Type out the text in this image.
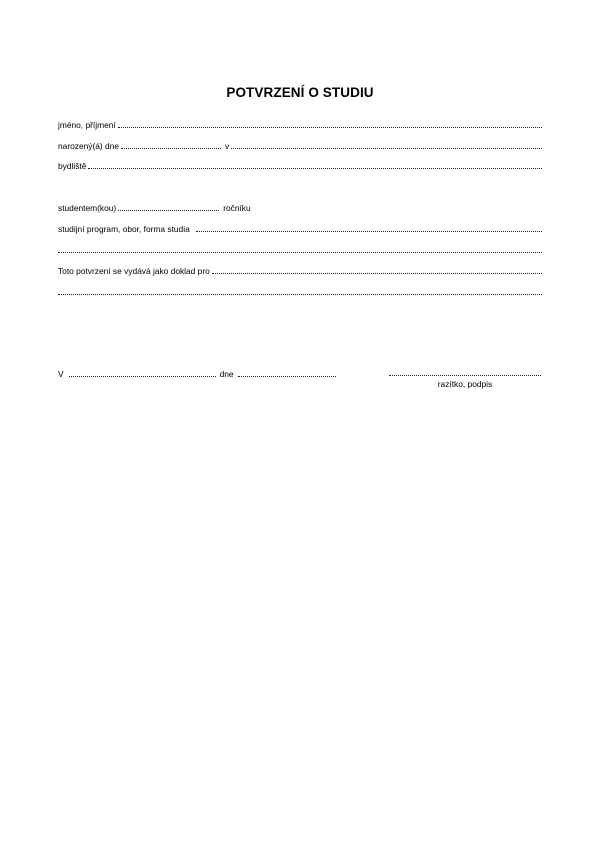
POTVRZENÍ O STUDIU
jméno, příjmení
narozený(á) dne	v
bydliště
studentem(kou)	ročníku
studijní program, obor, forma studia
Toto potvrzení se vydává jako doklad pro
V	dne
razítko, podpis
